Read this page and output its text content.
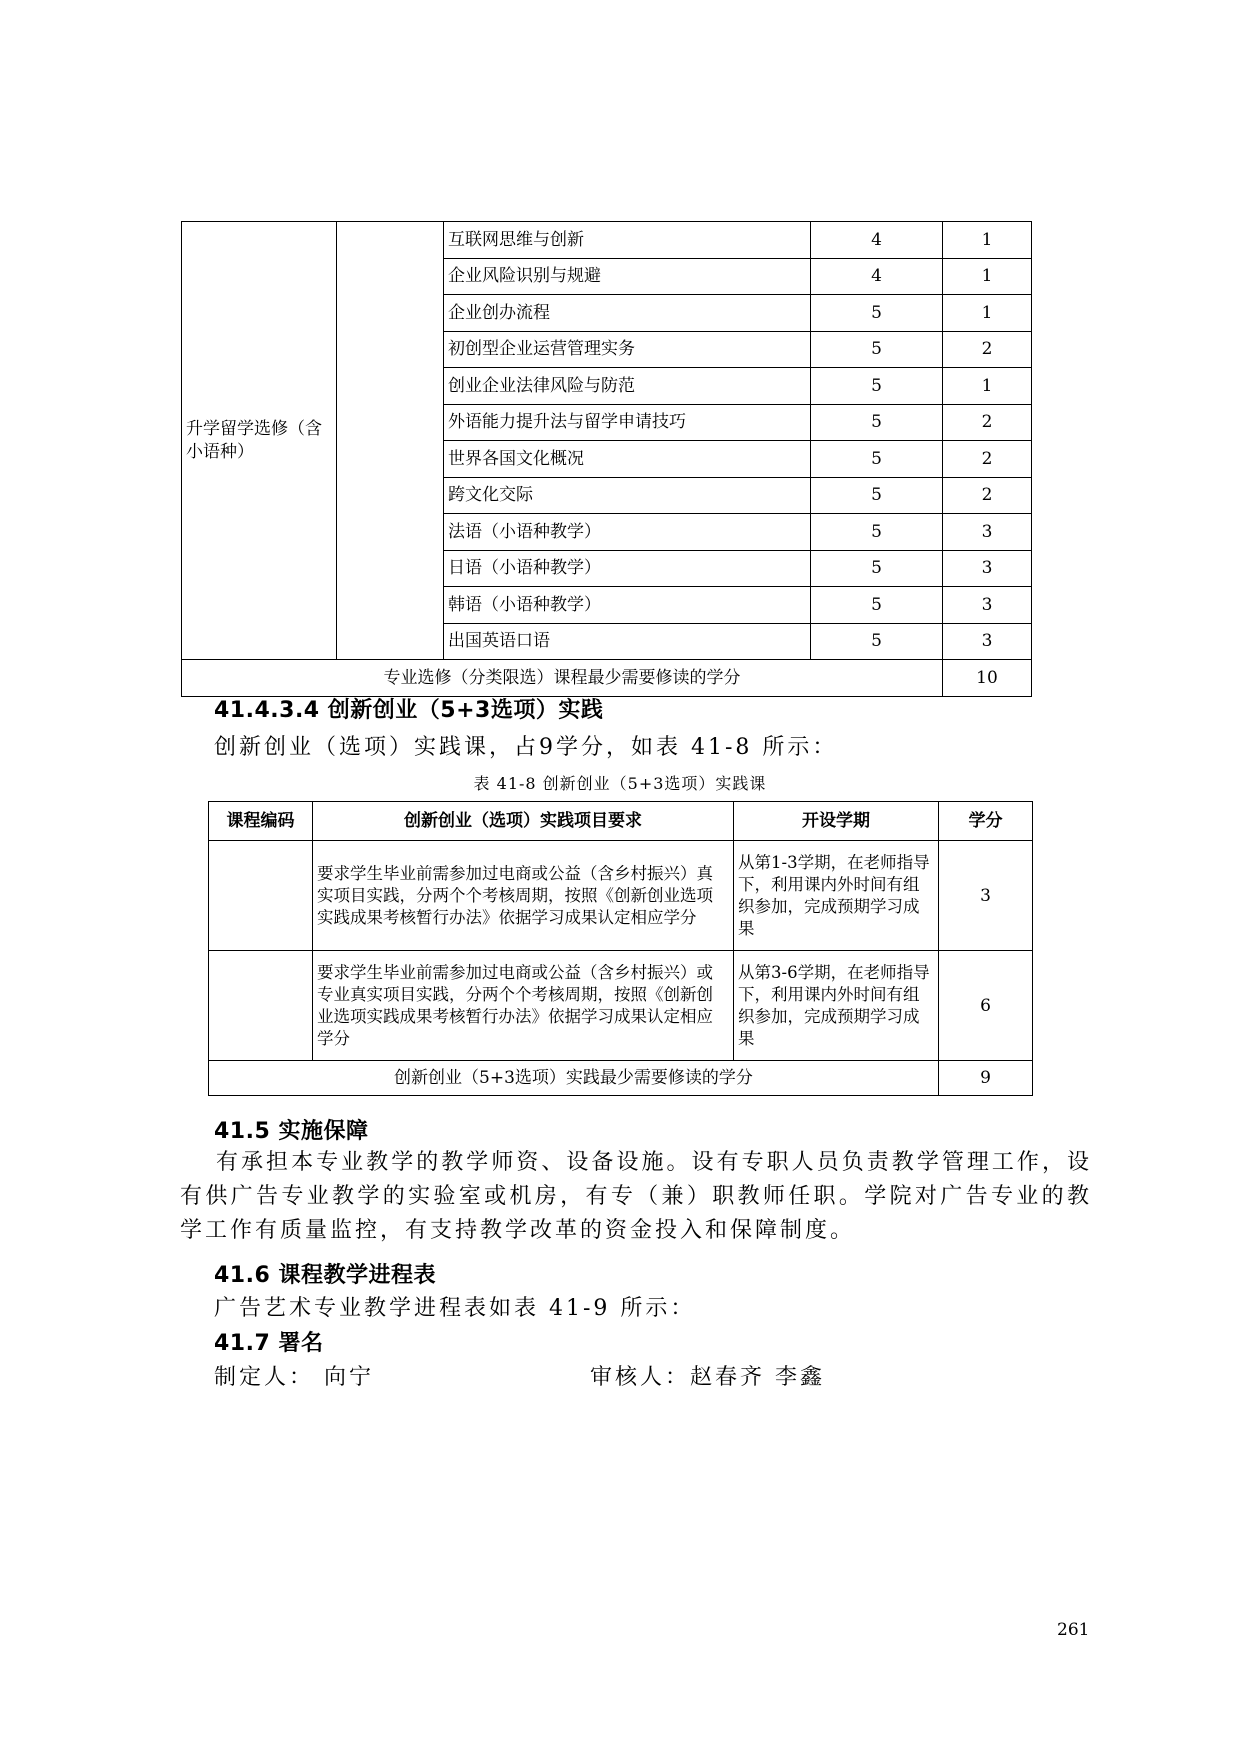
升学留学选修（含小语种）		互联网思维与创新	4	1
		企业风险识别与规避	4	1
		企业创办流程	5	1
		初创型企业运营管理实务	5	2
		创业企业法律风险与防范	5	1
		外语能力提升法与留学申请技巧	5	2
		世界各国文化概况	5	2
		跨文化交际	5	2
		法语（小语种教学）	5	3
		日语（小语种教学）	5	3
		韩语（小语种教学）	5	3
		出国英语口语	5	3
专业选修（分类限选）课程最少需要修读的学分				10
41.4.3.4 创新创业（5+3选项）实践
创新创业（选项）实践课，占9学分，如表 41-8 所示：
表 41-8 创新创业（5+3选项）实践课
课程编码	创新创业（选项）实践项目要求	开设学期	学分
	要求学生毕业前需参加过电商或公益（含乡村振兴）真实项目实践，分两个个考核周期，按照《创新创业选项实践成果考核暂行办法》依据学习成果认定相应学分	从第1-3学期，在老师指导下，利用课内外时间有组织参加，完成预期学习成果	3
	要求学生毕业前需参加过电商或公益（含乡村振兴）或专业真实项目实践，分两个个考核周期，按照《创新创业选项实践成果考核暂行办法》依据学习成果认定相应学分	从第3-6学期，在老师指导下，利用课内外时间有组织参加，完成预期学习成果	6
创新创业（5+3选项）实践最少需要修读的学分			9
41.5 实施保障
有承担本专业教学的教学师资、设备设施。设有专职人员负责教学管理工作，设有供广告专业教学的实验室或机房，有专（兼）职教师任职。学院对广告专业的教学工作有质量监控，有支持教学改革的资金投入和保障制度。
41.6 课程教学进程表
广告艺术专业教学进程表如表 41-9 所示：
41.7 署名
制定人： 向宁	审核人：赵春齐 李鑫
261
